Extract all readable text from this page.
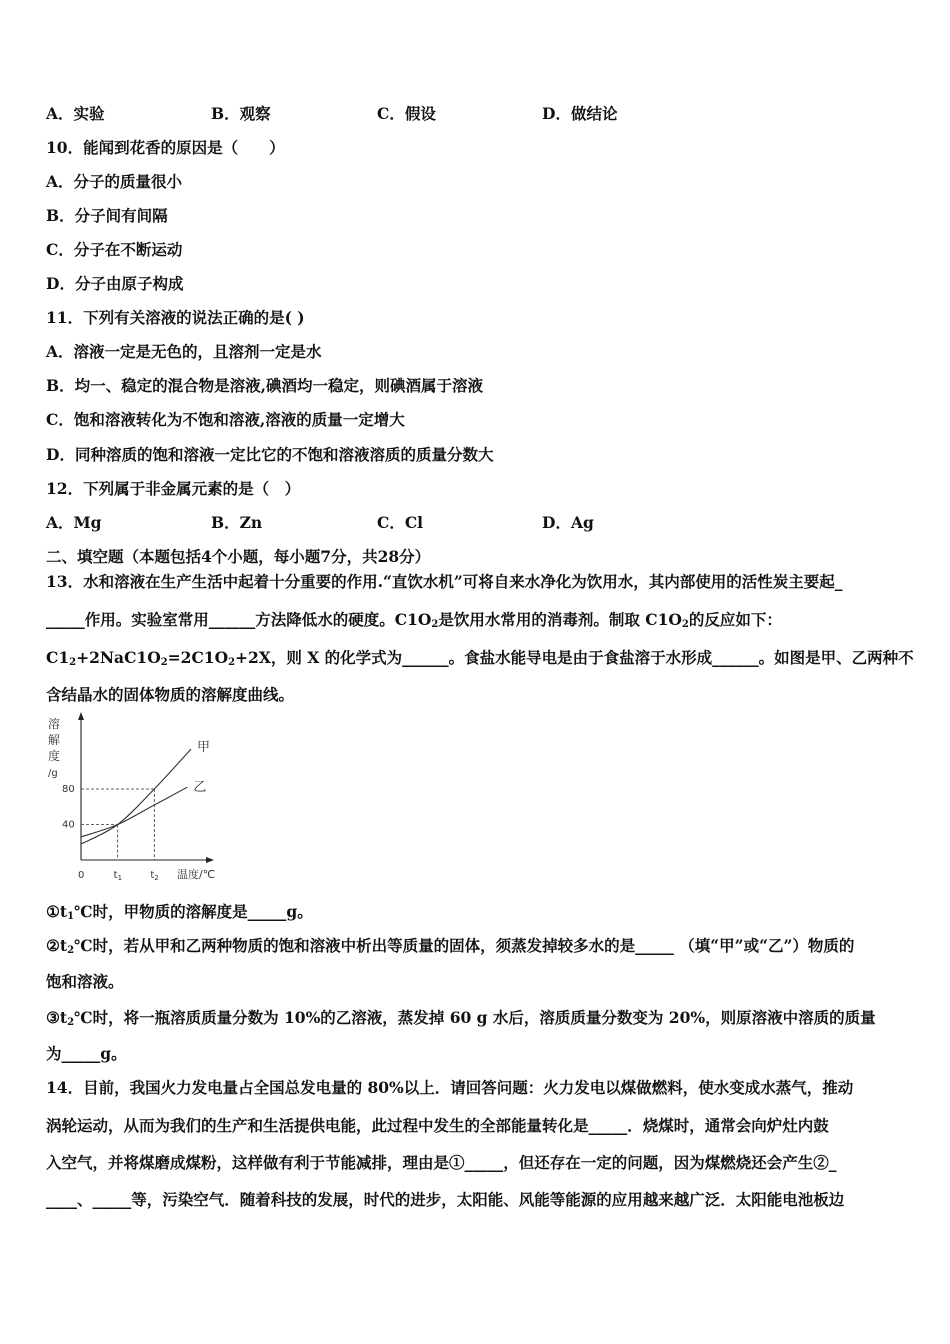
A．实验	B．观察	C．假设	D．做结论
10．能闻到花香的原因是（　　）
A．分子的质量很小
B．分子间有间隔
C．分子在不断运动
D．分子由原子构成
11．下列有关溶液的说法正确的是( )
A．溶液一定是无色的，且溶剂一定是水
B．均一、稳定的混合物是溶液,碘酒均一稳定，则碘酒属于溶液
C．饱和溶液转化为不饱和溶液,溶液的质量一定增大
D．同种溶质的饱和溶液一定比它的不饱和溶液溶质的质量分数大
12．下列属于非金属元素的是（　）
A．Mg	B．Zn	C．Cl	D．Ag
二、填空题（本题包括4个小题，每小题7分，共28分）
13．水和溶液在生产生活中起着十分重要的作用.“直饮水机”可将自来水净化为饮用水，其内部使用的活性炭主要起_
_____作用。实验室常用______方法降低水的硬度。$C1O_2$是饮用水常用的消毒剂。制取 $C1O_2$的反应如下：
$C1_2+2NaC1O_2=2C1O_2+2X$，则 X 的化学式为______。食盐水能导电是由于食盐溶于水形成______。如图是甲、乙两种不
含结晶水的固体物质的溶解度曲线。
甲
乙
溶
解
度
/g
40
80
0	$t_1$	$t_2$ 温度/℃
$①t_1℃$时，甲物质的溶解度是_____g。
$②t_2℃$时，若从甲和乙两种物质的饱和溶液中析出等质量的固体，须蒸发掉较多水的是_____ （填“甲”或“乙”）物质的
饱和溶液。
$③t_2℃$时，将一瓶溶质质量分数为 10%的乙溶液，蒸发掉 60 g 水后，溶质质量分数变为 20%，则原溶液中溶质的质量
为_____g。
14．目前，我国火力发电量占全国总发电量的 80%以上．请回答问题：火力发电以煤做燃料，使水变成水蒸气，推动
涡轮运动，从而为我们的生产和生活提供电能，此过程中发生的全部能量转化是_____．烧煤时，通常会向炉灶内鼓
入空气，并将煤磨成煤粉，这样做有利于节能减排，理由是①_____，但还存在一定的问题，因为煤燃烧还会产生②_
____、_____等，污染空气．随着科技的发展，时代的进步，太阳能、风能等能源的应用越来越广泛．太阳能电池板边
